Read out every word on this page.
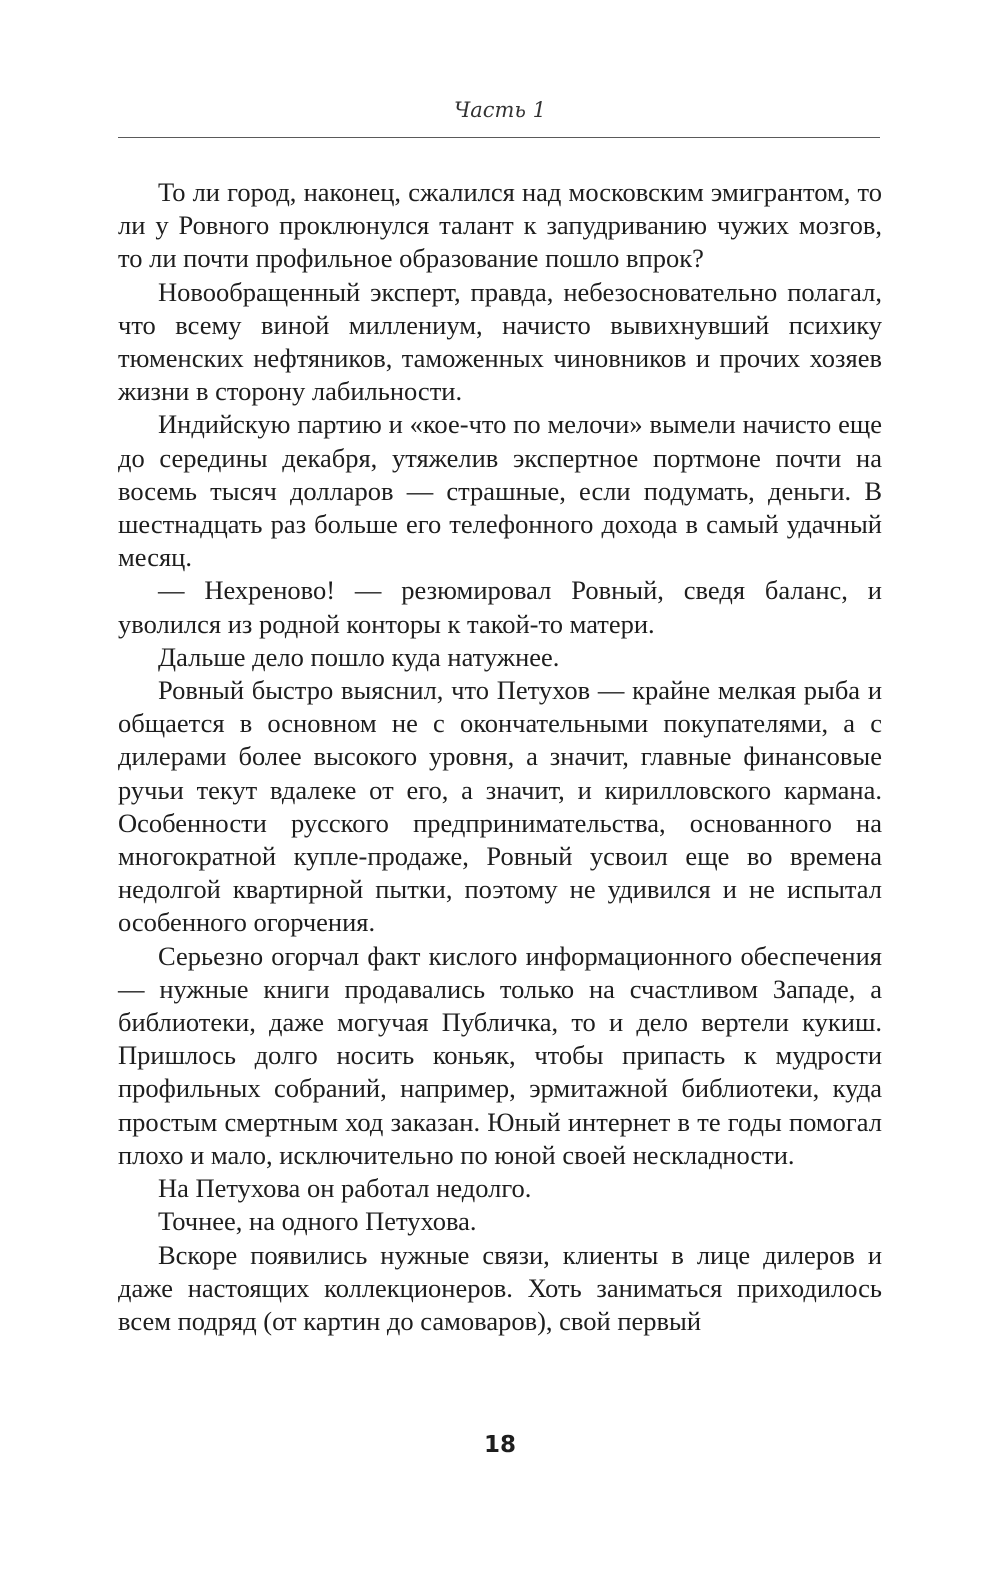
Часть 1

То ли город, наконец, сжалился над московским эмигрантом, то ли у Ровного проклюнулся талант к запудриванию чужих мозгов, то ли почти профильное образование пошло впрок?

Новообращенный эксперт, правда, небезосновательно полагал, что всему виной миллениум, начисто вывихнувший психику тюменских нефтяников, таможенных чиновников и прочих хозяев жизни в сторону лабильности.

Индийскую партию и «кое-что по мелочи» вымели начисто еще до середины декабря, утяжелив экспертное портмоне почти на восемь тысяч долларов — страшные, если подумать, деньги. В шестнадцать раз больше его телефонного дохода в самый удачный месяц.

— Нехреново! — резюмировал Ровный, сведя баланс, и уволился из родной конторы к такой-то матери.

Дальше дело пошло куда натужнее.

Ровный быстро выяснил, что Петухов — крайне мелкая рыба и общается в основном не с окончательными покупателями, а с дилерами более высокого уровня, а значит, главные финансовые ручьи текут вдалеке от его, а значит, и кирилловского кармана. Особенности русского предпринимательства, основанного на многократной купле-продаже, Ровный усвоил еще во времена недолгой квартирной пытки, поэтому не удивился и не испытал особенного огорчения.

Серьезно огорчал факт кислого информационного обеспечения — нужные книги продавались только на счастливом Западе, а библиотеки, даже могучая Публичка, то и дело вертели кукиш. Пришлось долго носить коньяк, чтобы припасть к мудрости профильных собраний, например, эрмитажной библиотеки, куда простым смертным ход заказан. Юный интернет в те годы помогал плохо и мало, исключительно по юной своей нескладности.

На Петухова он работал недолго.

Точнее, на одного Петухова.

Вскоре появились нужные связи, клиенты в лице дилеров и даже настоящих коллекционеров. Хоть заниматься приходилось всем подряд (от картин до самоваров), свой первый

18
